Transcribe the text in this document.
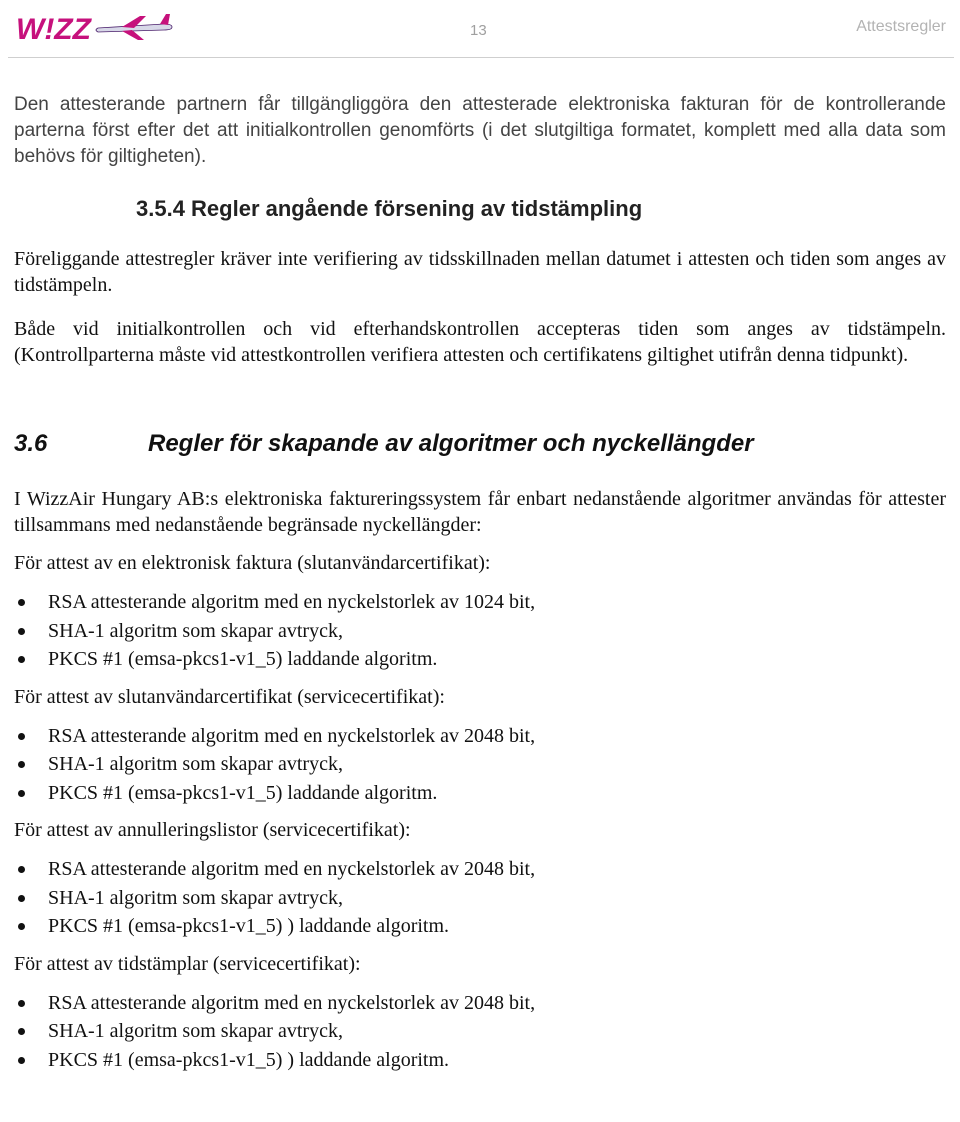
W!ZZ	13	Attestsregler

Den attesterande partnern får tillgängliggöra den attesterade elektroniska fakturan för de kontrollerande parterna först efter det att initialkontrollen genomförts (i det slutgiltiga formatet, komplett med alla data som behövs för giltigheten).

3.5.4 Regler angående försening av tidstämpling

Föreliggande attestregler kräver inte verifiering av tidsskillnaden mellan datumet i attesten och tiden som anges av tidstämpeln.

Både vid initialkontrollen och vid efterhandskontrollen accepteras tiden som anges av tidstämpeln. (Kontrollparterna måste vid attestkontrollen verifiera attesten och certifikatens giltighet utifrån denna tidpunkt).

3.6	Regler för skapande av algoritmer och nyckellängder

I WizzAir Hungary AB:s elektroniska faktureringssystem får enbart nedanstående algoritmer användas för attester tillsammans med nedanstående begränsade nyckellängder:

För attest av en elektronisk faktura (slutanvändarcertifikat):
RSA attesterande algoritm med en nyckelstorlek av 1024 bit,
SHA-1 algoritm som skapar avtryck,
PKCS #1 (emsa-pkcs1-v1_5) laddande algoritm.
För attest av slutanvändarcertifikat (servicecertifikat):
RSA attesterande algoritm med en nyckelstorlek av 2048 bit,
SHA-1 algoritm som skapar avtryck,
PKCS #1 (emsa-pkcs1-v1_5) laddande algoritm.
För attest av annulleringslistor (servicecertifikat):
RSA attesterande algoritm med en nyckelstorlek av 2048 bit,
SHA-1 algoritm som skapar avtryck,
PKCS #1 (emsa-pkcs1-v1_5) ) laddande algoritm.
För attest av tidstämplar (servicecertifikat):
RSA attesterande algoritm med en nyckelstorlek av 2048 bit,
SHA-1 algoritm som skapar avtryck,
PKCS #1 (emsa-pkcs1-v1_5) ) laddande algoritm.
